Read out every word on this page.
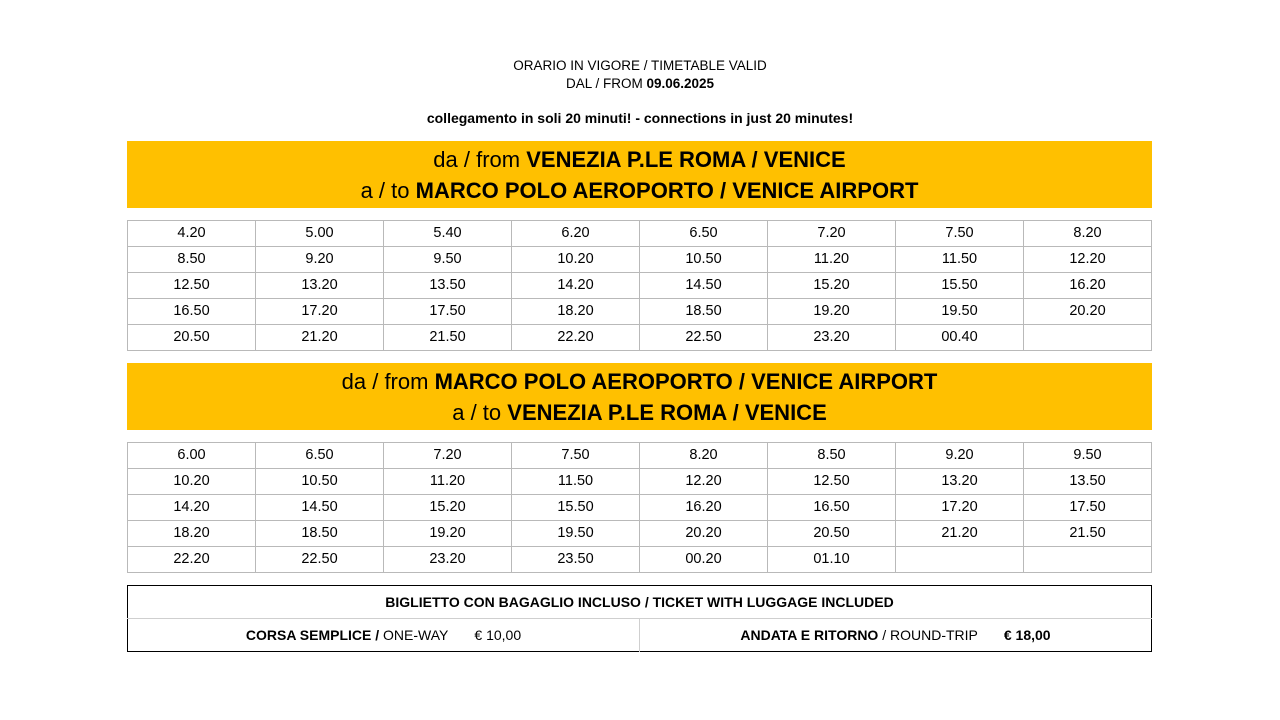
ORARIO IN VIGORE / TIMETABLE VALID
DAL / FROM 09.06.2025
collegamento in soli 20 minuti! - connections in just 20 minutes!
da / from VENEZIA P.LE ROMA / VENICE
a / to MARCO POLO AEROPORTO / VENICE AIRPORT
4.20	5.00	5.40	6.20	6.50	7.20	7.50	8.20
8.50	9.20	9.50	10.20	10.50	11.20	11.50	12.20
12.50	13.20	13.50	14.20	14.50	15.20	15.50	16.20
16.50	17.20	17.50	18.20	18.50	19.20	19.50	20.20
20.50	21.20	21.50	22.20	22.50	23.20	00.40	
da / from MARCO POLO AEROPORTO / VENICE AIRPORT
a / to VENEZIA P.LE ROMA / VENICE
6.00	6.50	7.20	7.50	8.20	8.50	9.20	9.50
10.20	10.50	11.20	11.50	12.20	12.50	13.20	13.50
14.20	14.50	15.20	15.50	16.20	16.50	17.20	17.50
18.20	18.50	19.20	19.50	20.20	20.50	21.20	21.50
22.20	22.50	23.20	23.50	00.20	01.10		
BIGLIETTO CON BAGAGLIO INCLUSO / TICKET WITH LUGGAGE INCLUDED
CORSA SEMPLICE / ONE-WAY € 10,00	ANDATA E RITORNO / ROUND-TRIP € 18,00
